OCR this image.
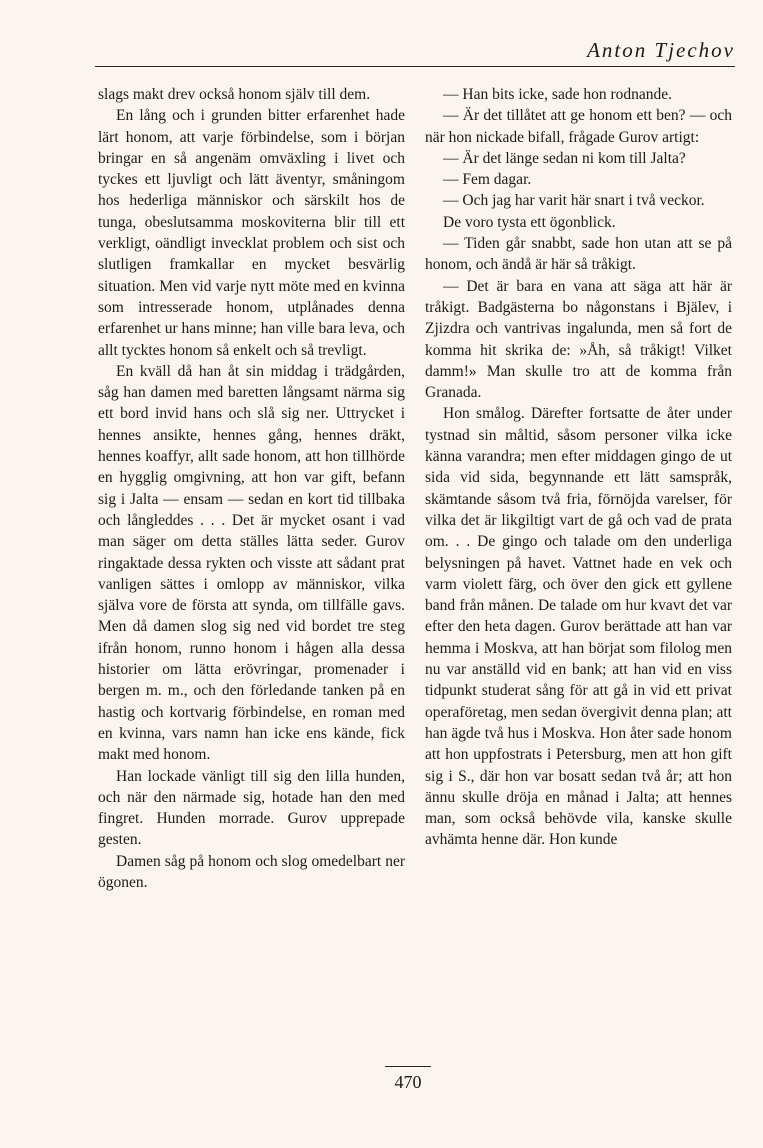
Anton Tjechov

slags makt drev också honom själv till dem.

En lång och i grunden bitter erfarenhet hade lärt honom, att varje förbindelse, som i början bringar en så angenäm omväxling i livet och tyckes ett ljuvligt och lätt äventyr, småningom hos hederliga människor och särskilt hos de tunga, obeslutsamma moskoviterna blir till ett verkligt, oändligt invecklat problem och sist och slutligen framkallar en mycket besvärlig situation. Men vid varje nytt möte med en kvinna som intresserade honom, utplånades denna erfarenhet ur hans minne; han ville bara leva, och allt tycktes honom så enkelt och så trevligt.

En kväll då han åt sin middag i trädgården, såg han damen med baretten långsamt närma sig ett bord invid hans och slå sig ner. Uttrycket i hennes ansikte, hennes gång, hennes dräkt, hennes koaffyr, allt sade honom, att hon tillhörde en hygglig omgivning, att hon var gift, befann sig i Jalta — ensam — sedan en kort tid tillbaka och långleddes . . . Det är mycket osant i vad man säger om detta ställes lätta seder. Gurov ringaktade dessa rykten och visste att sådant prat vanligen sättes i omlopp av människor, vilka själva vore de första att synda, om tillfälle gavs. Men då damen slog sig ned vid bordet tre steg ifrån honom, runno honom i hågen alla dessa historier om lätta erövringar, promenader i bergen m. m., och den förledande tanken på en hastig och kortvarig förbindelse, en roman med en kvinna, vars namn han icke ens kände, fick makt med honom.

Han lockade vänligt till sig den lilla hunden, och när den närmade sig, hotade han den med fingret. Hunden morrade. Gurov upprepade gesten.

Damen såg på honom och slog omedelbart ner ögonen.

— Han bits icke, sade hon rodnande.

— Är det tillåtet att ge honom ett ben? — och när hon nickade bifall, frågade Gurov artigt:

— Är det länge sedan ni kom till Jalta?

— Fem dagar.

— Och jag har varit här snart i två veckor.

De voro tysta ett ögonblick.

— Tiden går snabbt, sade hon utan att se på honom, och ändå är här så tråkigt.

— Det är bara en vana att säga att här är tråkigt. Badgästerna bo någonstans i Bjälev, i Zjizdra och vantrivas ingalunda, men så fort de komma hit skrika de: »Åh, så tråkigt! Vilket damm!» Man skulle tro att de komma från Granada.

Hon smålog. Därefter fortsatte de åter under tystnad sin måltid, såsom personer vilka icke känna varandra; men efter middagen gingo de ut sida vid sida, begynnande ett lätt samspråk, skämtande såsom två fria, förnöjda varelser, för vilka det är likgiltigt vart de gå och vad de prata om. . . De gingo och talade om den underliga belysningen på havet. Vattnet hade en vek och varm violett färg, och över den gick ett gyllene band från månen. De talade om hur kvavt det var efter den heta dagen. Gurov berättade att han var hemma i Moskva, att han börjat som filolog men nu var anställd vid en bank; att han vid en viss tidpunkt studerat sång för att gå in vid ett privat operaföretag, men sedan övergivit denna plan; att han ägde två hus i Moskva. Hon åter sade honom att hon uppfostrats i Petersburg, men att hon gift sig i S., där hon var bosatt sedan två år; att hon ännu skulle dröja en månad i Jalta; att hennes man, som också behövde vila, kanske skulle avhämta henne där. Hon kunde

470
